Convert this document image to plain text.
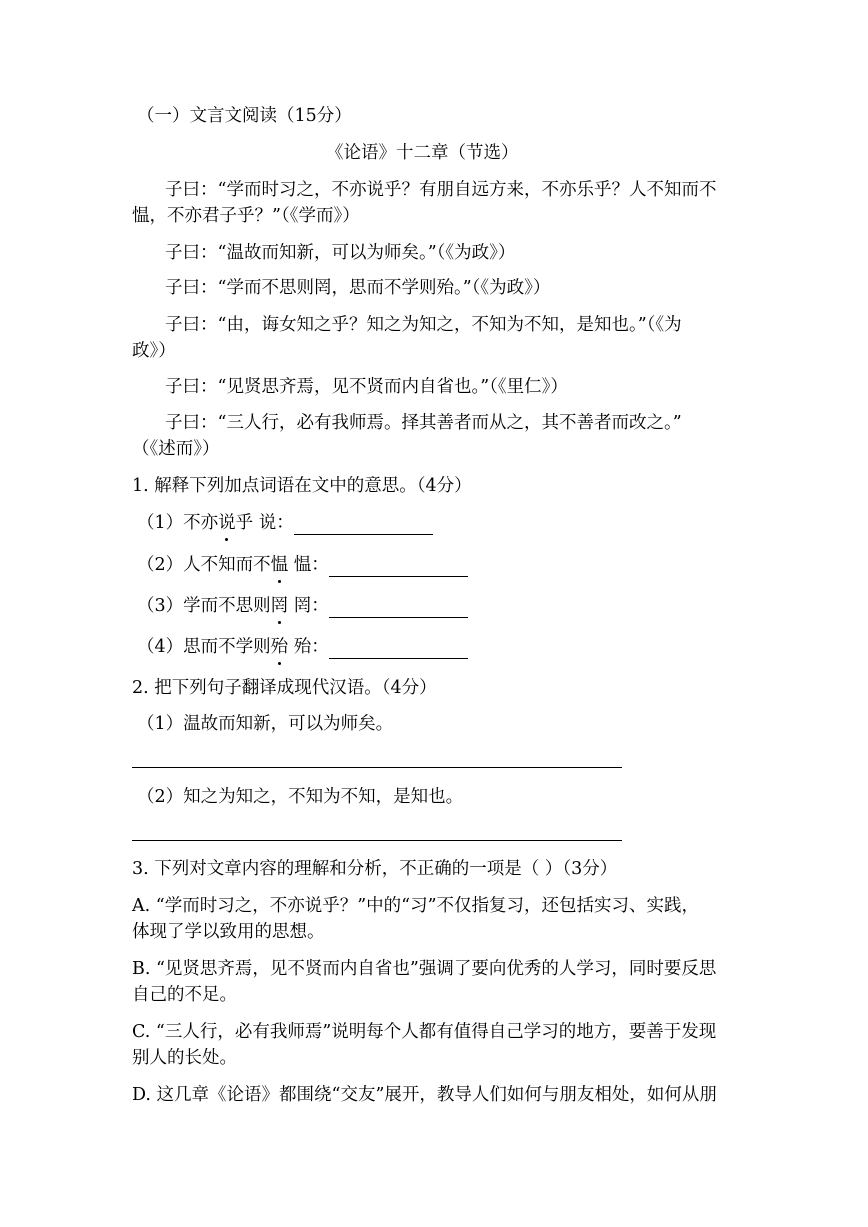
（一）文言文阅读（15分）
《论语》十二章（节选）
子曰：“学而时习之，不亦说乎？有朋自远方来，不亦乐乎？人不知而不
愠，不亦君子乎？”（《学而》）
子曰：“温故而知新，可以为师矣。”（《为政》）
子曰：“学而不思则罔，思而不学则殆。”（《为政》）
子曰：“由，诲女知之乎？知之为知之，不知为不知，是知也。”（《为
政》）
子曰：“见贤思齐焉，见不贤而内自省也。”（《里仁》）
子曰：“三人行，必有我师焉。择其善者而从之，其不善者而改之。”
（《述而》）
1. 解释下列加点词语在文中的意思。（4分）
（1）不亦说
乎 说：
（2）人不知而不愠
愠：
（3）学而不思则罔
罔：
（4）思而不学则殆
殆：
2. 把下列句子翻译成现代汉语。（4分）
（1）温故而知新，可以为师矣。
（2）知之为知之，不知为不知，是知也。
3. 下列对文章内容的理解和分析，不正确的一项是（ ）（3分）
A. “学而时习之，不亦说乎？”中的“习”不仅指复习，还包括实习、实践，
体现了学以致用的思想。
B. “见贤思齐焉，见不贤而内自省也”强调了要向优秀的人学习，同时要反思
自己的不足。
C. “三人行，必有我师焉”说明每个人都有值得自己学习的地方，要善于发现
别人的长处。
D. 这几章《论语》都围绕“交友”展开，教导人们如何与朋友相处，如何从朋
